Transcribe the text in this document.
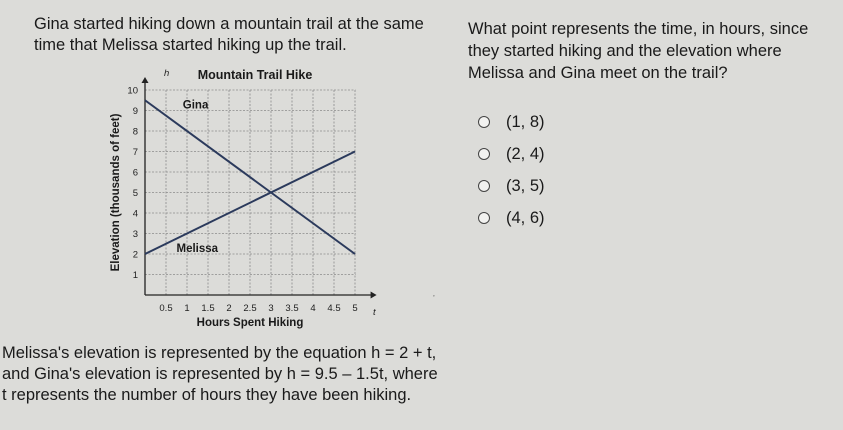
Gina started hiking down a mountain trail at the same time that Melissa started hiking up the trail.
Gina
Melissa
0.5 1 1.5 2 2.5 3 3.5 4 4.5 5
1
2
3
4
5
6
7
8
9
10
Mountain Trail Hike
Elevation (thousands of feet)
Hours Spent Hiking
t
h
Melissa's elevation is represented by the equation h = 2 + t, and Gina's elevation is represented by h = 9.5 – 1.5t, where t represents the number of hours they have been hiking.
What point represents the time, in hours, since they started hiking and the elevation where Melissa and Gina meet on the trail?
(1, 8)
(2, 4)
(3, 5)
(4, 6)
’
